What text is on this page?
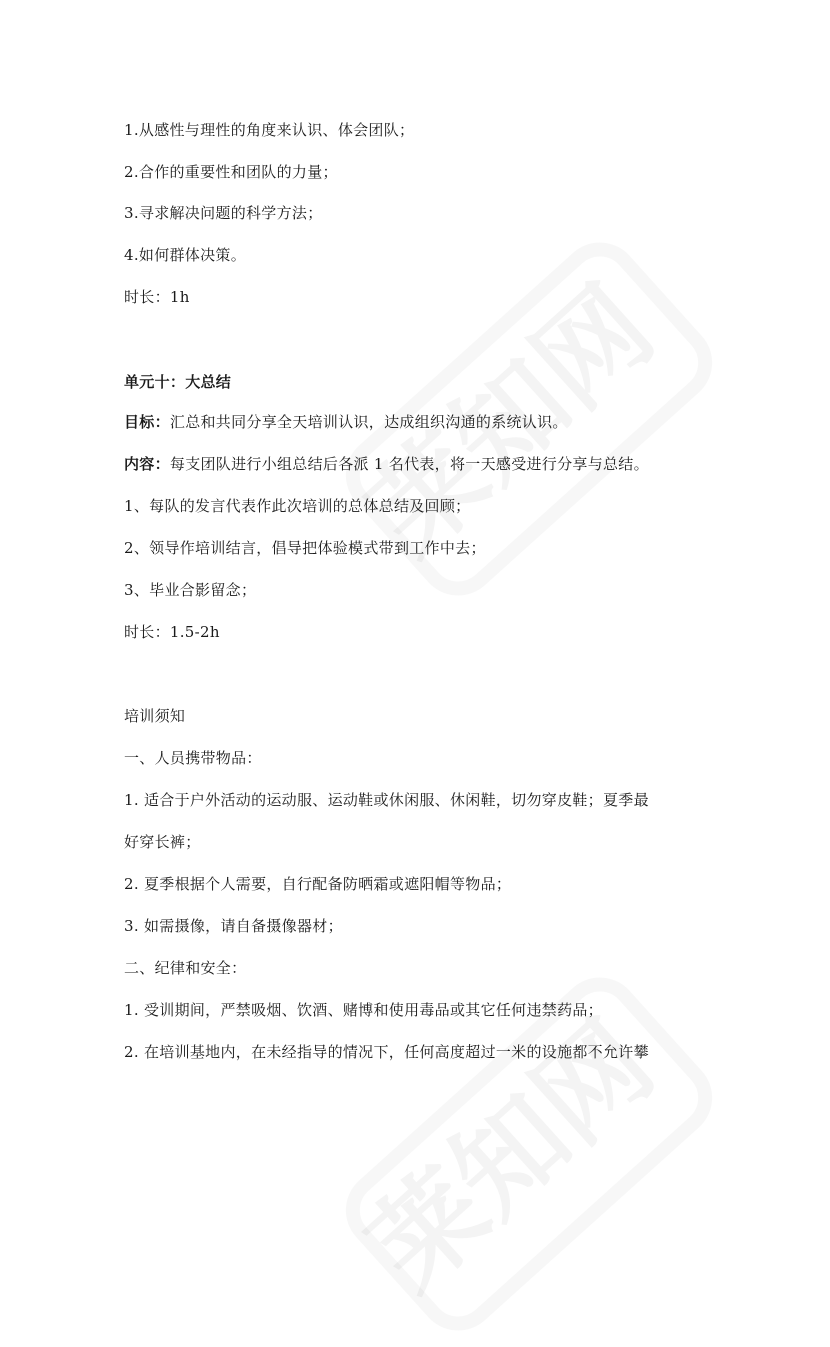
1.从感性与理性的角度来认识、体会团队；
2.合作的重要性和团队的力量；
3.寻求解决问题的科学方法；
4.如何群体决策。
时长：1h
单元十：大总结
目标：汇总和共同分享全天培训认识，达成组织沟通的系统认识。
内容：每支团队进行小组总结后各派 1 名代表，将一天感受进行分享与总结。
1、每队的发言代表作此次培训的总体总结及回顾；
2、领导作培训结言，倡导把体验模式带到工作中去；
3、毕业合影留念；
时长：1.5-2h
培训须知
一、人员携带物品：
1. 适合于户外活动的运动服、运动鞋或休闲服、休闲鞋，切勿穿皮鞋；夏季最
好穿长裤；
2. 夏季根据个人需要，自行配备防晒霜或遮阳帽等物品；
3. 如需摄像，请自备摄像器材；
二、纪律和安全：
1. 受训期间，严禁吸烟、饮酒、赌博和使用毒品或其它任何违禁药品；
2. 在培训基地内，在未经指导的情况下，任何高度超过一米的设施都不允许攀
